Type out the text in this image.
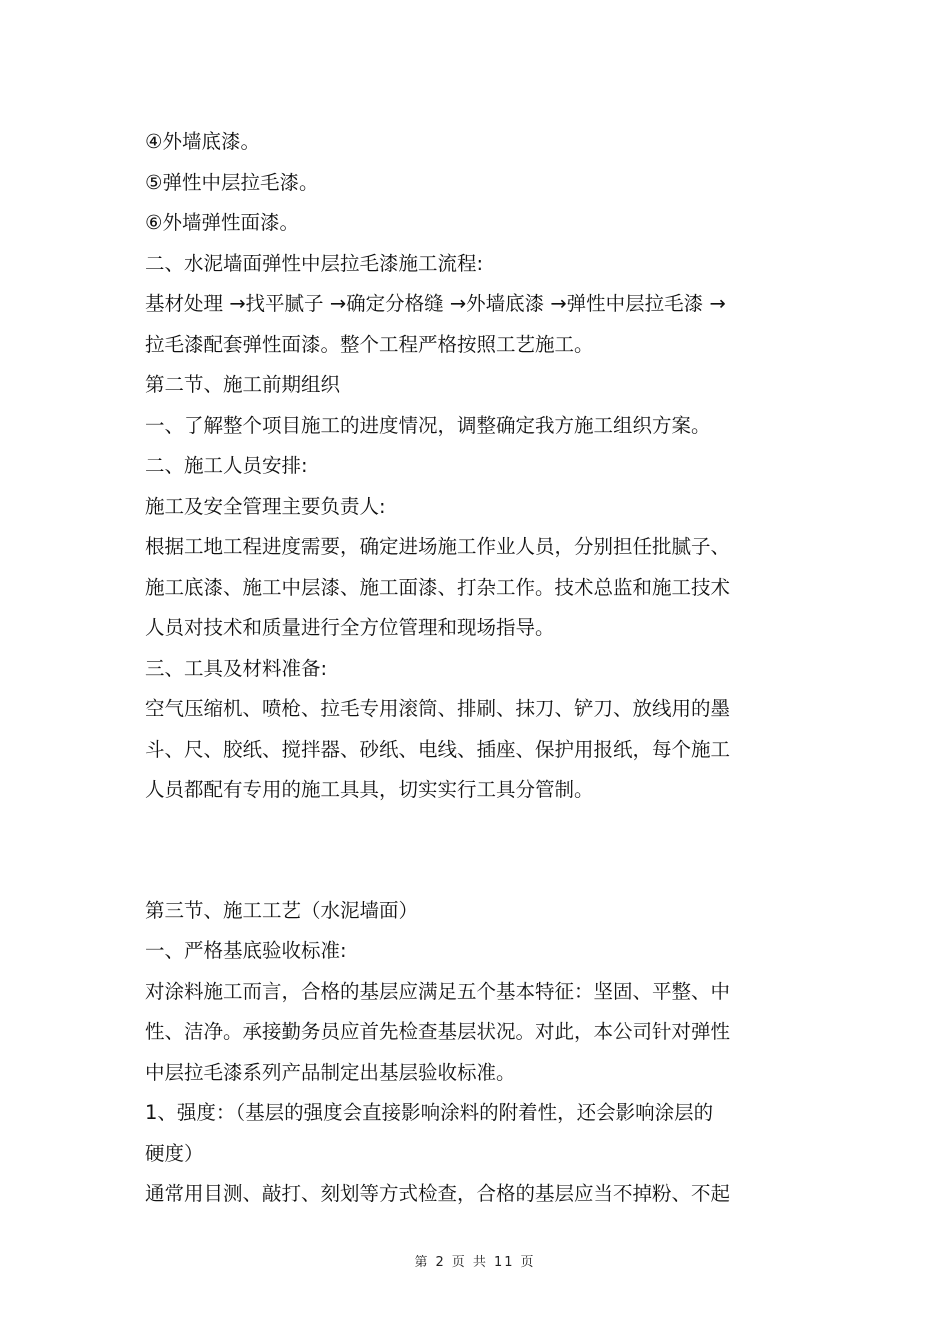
④外墙底漆。

⑤弹性中层拉毛漆。

⑥外墙弹性面漆。

二、水泥墙面弹性中层拉毛漆施工流程:

基材处理 →找平腻子 →确定分格缝 →外墙底漆 →弹性中层拉毛漆 →

拉毛漆配套弹性面漆。整个工程严格按照工艺施工。

第二节、施工前期组织

一、了解整个项目施工的进度情况，调整确定我方施工组织方案。

二、施工人员安排:

施工及安全管理主要负责人:

根据工地工程进度需要，确定进场施工作业人员，分别担任批腻子、

施工底漆、施工中层漆、施工面漆、打杂工作。技术总监和施工技术

人员对技术和质量进行全方位管理和现场指导。

三、工具及材料准备:

空气压缩机、喷枪、拉毛专用滚筒、排刷、抹刀、铲刀、放线用的墨

斗、尺、胶纸、搅拌器、砂纸、电线、插座、保护用报纸，每个施工

人员都配有专用的施工具具，切实实行工具分管制。

第三节、施工工艺（水泥墙面）

一、严格基底验收标准:

对涂料施工而言，合格的基层应满足五个基本特征：坚固、平整、中

性、洁净。承接勤务员应首先检查基层状况。对此，本公司针对弹性

中层拉毛漆系列产品制定出基层验收标准。

1、强度：（基层的强度会直接影响涂料的附着性，还会影响涂层的

硬度）

通常用目测、敲打、刻划等方式检查，合格的基层应当不掉粉、不起

第 2 页 共 11 页
